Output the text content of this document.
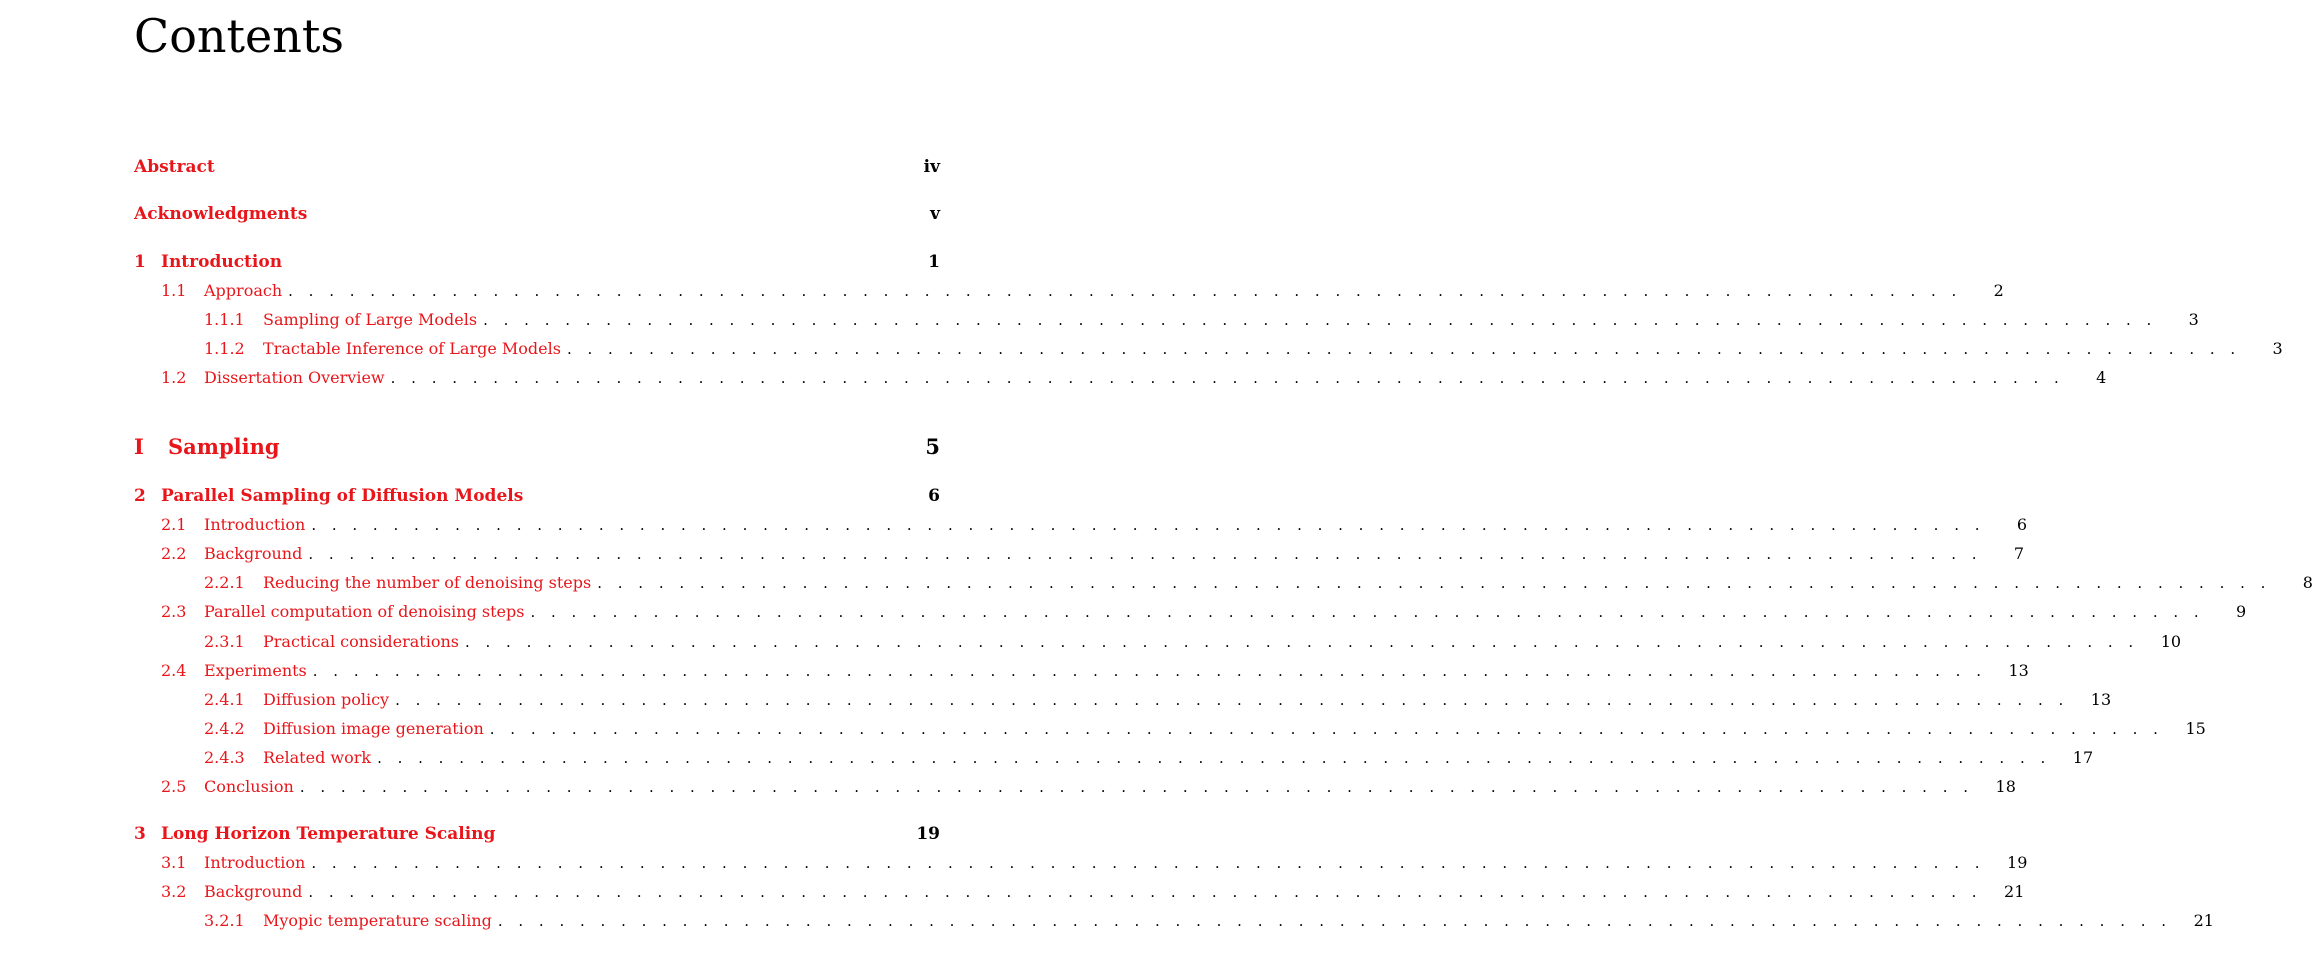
Contents
Abstract	iv
Acknowledgments	v
1 Introduction	1
1.1	Approach . . . . . . . . . . . . . . . . . . . . . . . . . . . . . . . . . . . . . . . . . . . . . . . . . . . . . . . . . . . . . . . . . . . . . . . . . . . . . . . . . .	2
1.1.1	Sampling of Large Models . . . . . . . . . . . . . . . . . . . . . . . . . . . . . . . . . . . . . . . . . . . . . . . . . . . . . . . . . . . . . . . . . . . . . . . . . . . . . . . . . .	3
1.1.2	Tractable Inference of Large Models . . . . . . . . . . . . . . . . . . . . . . . . . . . . . . . . . . . . . . . . . . . . . . . . . . . . . . . . . . . . . . . . . . . . . . . . . . . . . . . . . .	3
1.2	Dissertation Overview . . . . . . . . . . . . . . . . . . . . . . . . . . . . . . . . . . . . . . . . . . . . . . . . . . . . . . . . . . . . . . . . . . . . . . . . . . . . . . . . . .	4
I	Sampling	5
2 Parallel Sampling of Diffusion Models	6
2.1	Introduction . . . . . . . . . . . . . . . . . . . . . . . . . . . . . . . . . . . . . . . . . . . . . . . . . . . . . . . . . . . . . . . . . . . . . . . . . . . . . . . . . .	6
2.2	Background . . . . . . . . . . . . . . . . . . . . . . . . . . . . . . . . . . . . . . . . . . . . . . . . . . . . . . . . . . . . . . . . . . . . . . . . . . . . . . . . . .	7
2.2.1	Reducing the number of denoising steps . . . . . . . . . . . . . . . . . . . . . . . . . . . . . . . . . . . . . . . . . . . . . . . . . . . . . . . . . . . . . . . . . . . . . . . . . . . . . . . . . .	8
2.3	Parallel computation of denoising steps . . . . . . . . . . . . . . . . . . . . . . . . . . . . . . . . . . . . . . . . . . . . . . . . . . . . . . . . . . . . . . . . . . . . . . . . . . . . . . . . . .	9
2.3.1	Practical considerations . . . . . . . . . . . . . . . . . . . . . . . . . . . . . . . . . . . . . . . . . . . . . . . . . . . . . . . . . . . . . . . . . . . . . . . . . . . . . . . . . .	10
2.4	Experiments . . . . . . . . . . . . . . . . . . . . . . . . . . . . . . . . . . . . . . . . . . . . . . . . . . . . . . . . . . . . . . . . . . . . . . . . . . . . . . . . . .	13
2.4.1	Diffusion policy . . . . . . . . . . . . . . . . . . . . . . . . . . . . . . . . . . . . . . . . . . . . . . . . . . . . . . . . . . . . . . . . . . . . . . . . . . . . . . . . . .	13
2.4.2	Diffusion image generation . . . . . . . . . . . . . . . . . . . . . . . . . . . . . . . . . . . . . . . . . . . . . . . . . . . . . . . . . . . . . . . . . . . . . . . . . . . . . . . . . .	15
2.4.3	Related work . . . . . . . . . . . . . . . . . . . . . . . . . . . . . . . . . . . . . . . . . . . . . . . . . . . . . . . . . . . . . . . . . . . . . . . . . . . . . . . . . .	17
2.5	Conclusion . . . . . . . . . . . . . . . . . . . . . . . . . . . . . . . . . . . . . . . . . . . . . . . . . . . . . . . . . . . . . . . . . . . . . . . . . . . . . . . . . .	18
3 Long Horizon Temperature Scaling	19
3.1	Introduction . . . . . . . . . . . . . . . . . . . . . . . . . . . . . . . . . . . . . . . . . . . . . . . . . . . . . . . . . . . . . . . . . . . . . . . . . . . . . . . . . .	19
3.2	Background . . . . . . . . . . . . . . . . . . . . . . . . . . . . . . . . . . . . . . . . . . . . . . . . . . . . . . . . . . . . . . . . . . . . . . . . . . . . . . . . . .	21
3.2.1	Myopic temperature scaling . . . . . . . . . . . . . . . . . . . . . . . . . . . . . . . . . . . . . . . . . . . . . . . . . . . . . . . . . . . . . . . . . . . . . . . . . . . . . . . . . .	21
